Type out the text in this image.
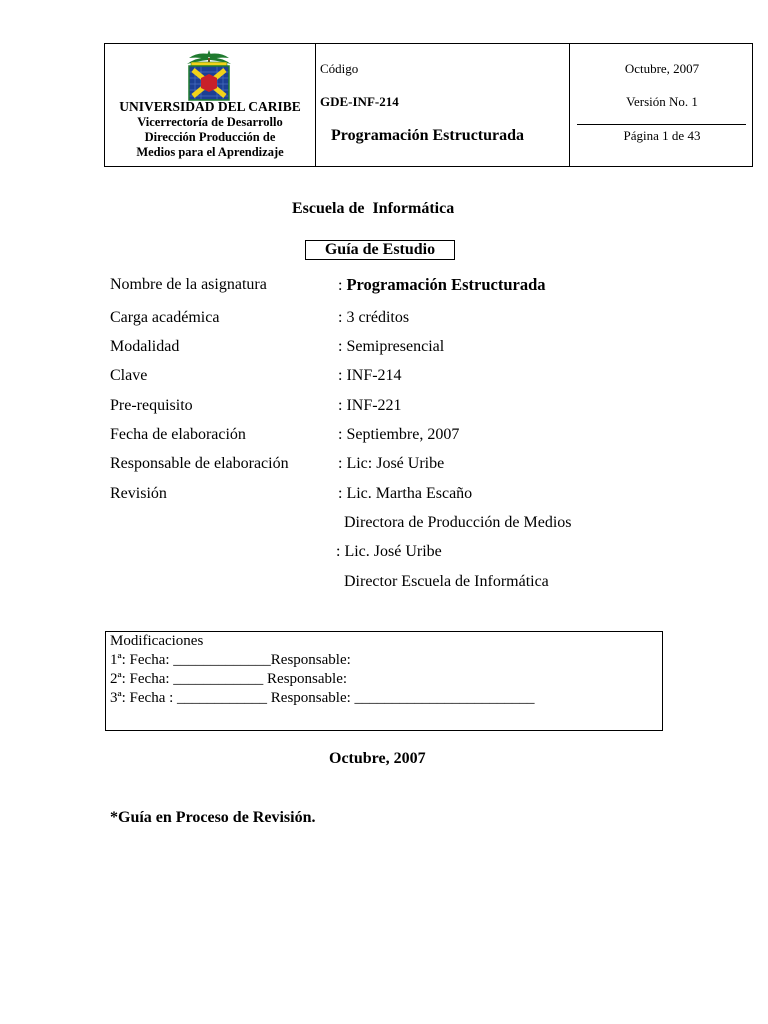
UNIVERSIDAD DEL CARIBE
Vicerrectoría de Desarrollo
Dirección Producción de
Medios para el Aprendizaje
Código
GDE-INF-214
Programación Estructurada
Octubre, 2007
Versión No. 1
Página 1 de 43
Escuela de  Informática
Guía de Estudio
Nombre de la asignatura	: Programación Estructurada
Carga académica	: 3 créditos
Modalidad	: Semipresencial
Clave	: INF-214
Pre-requisito	: INF-221
Fecha de elaboración	: Septiembre, 2007
Responsable de elaboración	: Lic: José Uribe
Revisión	: Lic. Martha Escaño
Directora de Producción de Medios
: Lic. José Uribe
Director Escuela de Informática
Modificaciones
1ª: Fecha: _____________Responsable:
2ª: Fecha: ____________ Responsable:
3ª: Fecha : ____________ Responsable: ________________________
Octubre, 2007
*Guía en Proceso de Revisión.
